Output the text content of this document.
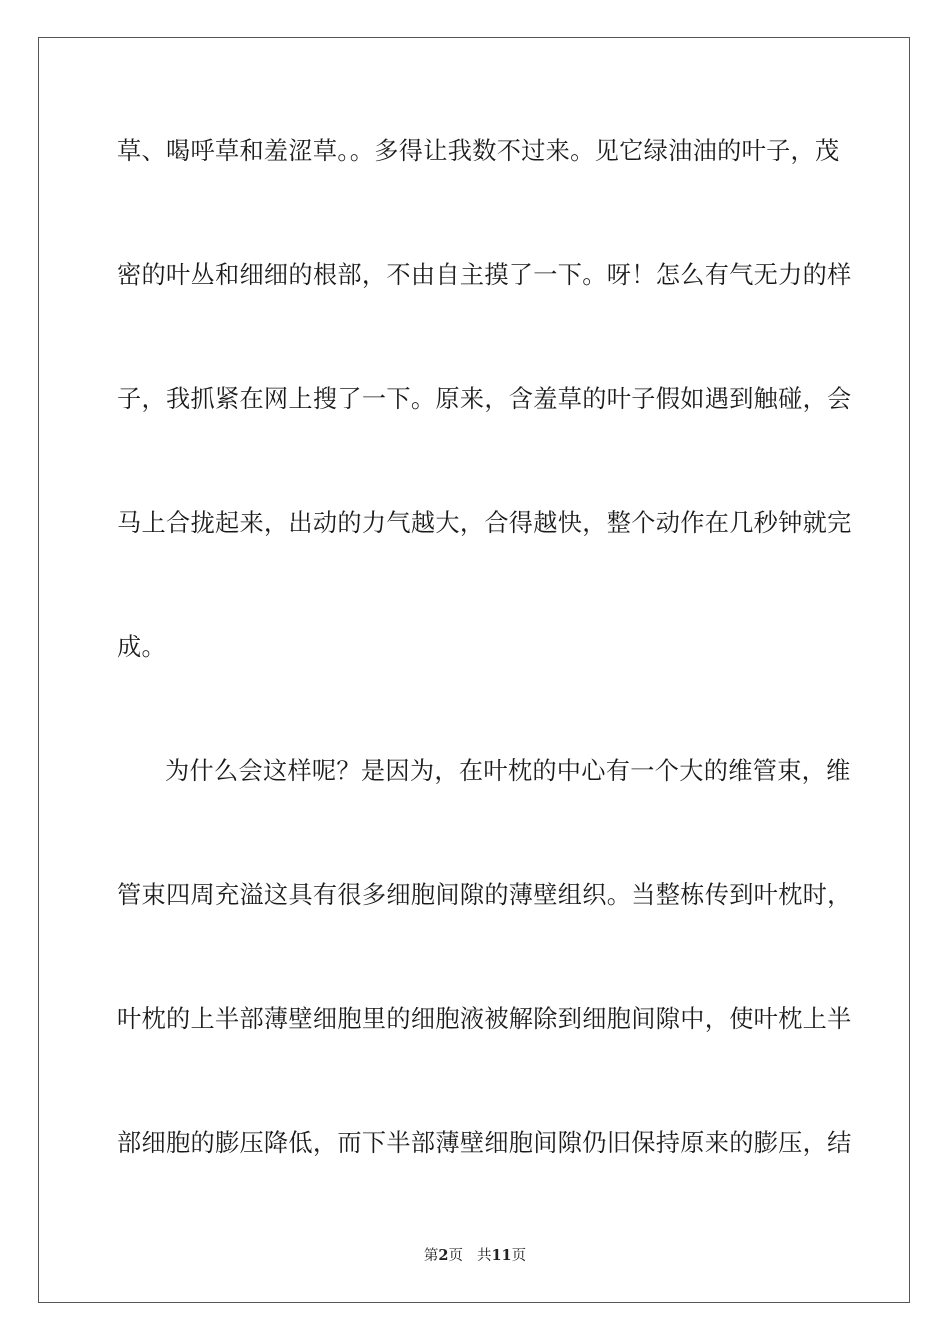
草、喝呼草和羞涩草。。多得让我数不过来。见它绿油油的叶子，茂
密的叶丛和细细的根部，不由自主摸了一下。呀！怎么有气无力的样
子，我抓紧在网上搜了一下。原来，含羞草的叶子假如遇到触碰，会
马上合拢起来，出动的力气越大，合得越快，整个动作在几秒钟就完
成。
为什么会这样呢？是因为，在叶枕的中心有一个大的维管束，维
管束四周充溢这具有很多细胞间隙的薄壁组织。当整栋传到叶枕时，
叶枕的上半部薄壁细胞里的细胞液被解除到细胞间隙中，使叶枕上半
部细胞的膨压降低，而下半部薄壁细胞间隙仍旧保持原来的膨压，结
第2页 共11页
